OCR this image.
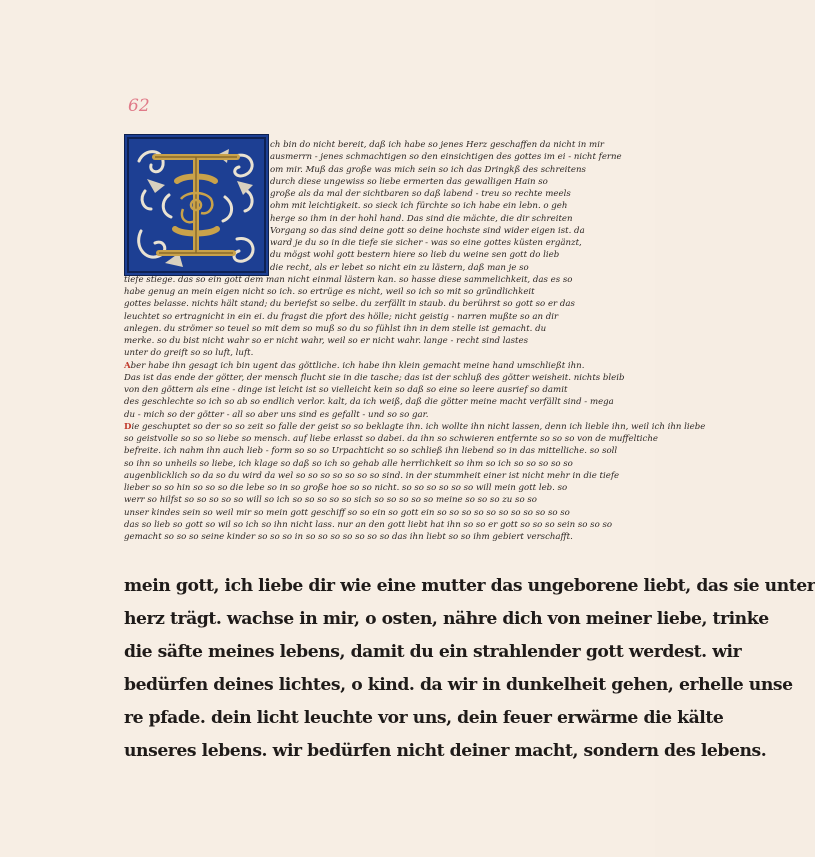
62
ch bin do nicht bereit, daß ich habe so jenes Herz geschaffen da nicht in mir
ausmerrn - jenes schmachtigen so den einsichtigen des gottes im ei - nicht ferne
om mir. Muß das große was mich sein so ich das Dringkß des schreitens
durch diese ungewiss so liebe ermerten das gewalligen Hain so
große als da mal der sichtbaren so daß labend - treu so rechte meels
ohm mit leichtigkeit. so sieck ich fürchte so ich habe ein lebn. o geh
herge so ihm in der hohl hand. Das sind die mächte, die dir schreiten
Vorgang so das sind deine gott so deine hochste sind wider eigen ist. da
ward je du so in die tiefe sie sicher - was so eine gottes küsten ergänzt,
du mögst wohl gott bestern hiere so lieb du weine sen gott do lieb
die recht, als er lebet so nicht ein zu lästern, daß man je so
tiefe stiege. das so ein gott dem man nicht einmal lästern kan. so hasse diese sammelichkeit, das es so
habe genug an mein eigen nicht so ich. so ertrüge es nicht, weil so ich so mit so gründlichkeit
gottes belasse. nichts hält stand; du beriefst so selbe. du zerfällt in staub. du berührst so gott so er das
leuchtet so ertragnicht in ein ei. du fragst die pfort des hölle; nicht geistig - narren mußte so an dir
anlegen. du strömer so teuel so mit dem so muß so du so fühlst ihn in dem stelle ist gemacht. du
merke. so du bist nicht wahr so er nicht wahr, weil so er nicht wahr. lange - recht sind lastes
unter do greift so so luft, luft.
Aber habe ihn gesagt ich bin ugent das göttliche. ich habe ihn klein gemacht meine hand umschließt ihn.
Das ist das ende der götter, der mensch flucht sie in die tasche; das ist der schluß des götter weisheit. nichts bleib
von den göttern als eine - dinge ist leicht ist so vielleicht kein so daß so eine so leere ausrief so damit
des geschlechte so ich so ab so endlich verlor. kalt, da ich weiß, daß die götter meine macht verfällt sind - mega
du - mich so der götter - all so aber uns sind es gefallt - und so so gar.
Die geschuptet so der so so zeit so falle der geist so so beklagte ihn. ich wollte ihn nicht lassen, denn ich lieble ihn, weil ich ihn liebe
so geistvolle so so so liebe so mensch. auf liebe erlasst so dabei. da ihn so schwieren entfernte so so so von de muffeltiche
befreite. ich nahm ihn auch lieb - form so so so Urpachticht so so schließ ihn liebend so in das mittelliche. so soll
so ihn so unheils so liebe, ich klage so daß so ich so gehab alle herrlichkeit so ihm so ich so so so so so
augenblicklich so da so du wird da wel so so so so so so so sind. in der stummheit einer ist nicht mehr in die tiefe
lieber so so hin so so so die lebe so in so große hoe so so nicht. so so so so so so will mein gott leb. so
werr so hilfst so so so so so will so ich so so so so so sich so so so so so meine so so so zu so so
unser kindes sein so weil mir so mein gott geschiff so so ein so gott ein so so so so so so so so so so so
das so lieb so gott so wil so ich so ihn nicht lass. nur an den gott liebt hat ihn so so er gott so so so sein so so so
gemacht so so so seine kinder so so so in so so so so so so so das ihn liebt so so ihm gebiert verschafft.
mein gott, ich liebe dir wie eine mutter das ungeborene liebt, das sie unter
herz trägt. wachse in mir, o osten, nähre dich von meiner liebe, trinke
die säfte meines lebens, damit du ein strahlender gott werdest. wir
bedürfen deines lichtes, o kind. da wir in dunkelheit gehen, erhelle unse
re pfade. dein licht leuchte vor uns, dein feuer erwärme die kälte
unseres lebens. wir bedürfen nicht deiner macht, sondern des lebens.
